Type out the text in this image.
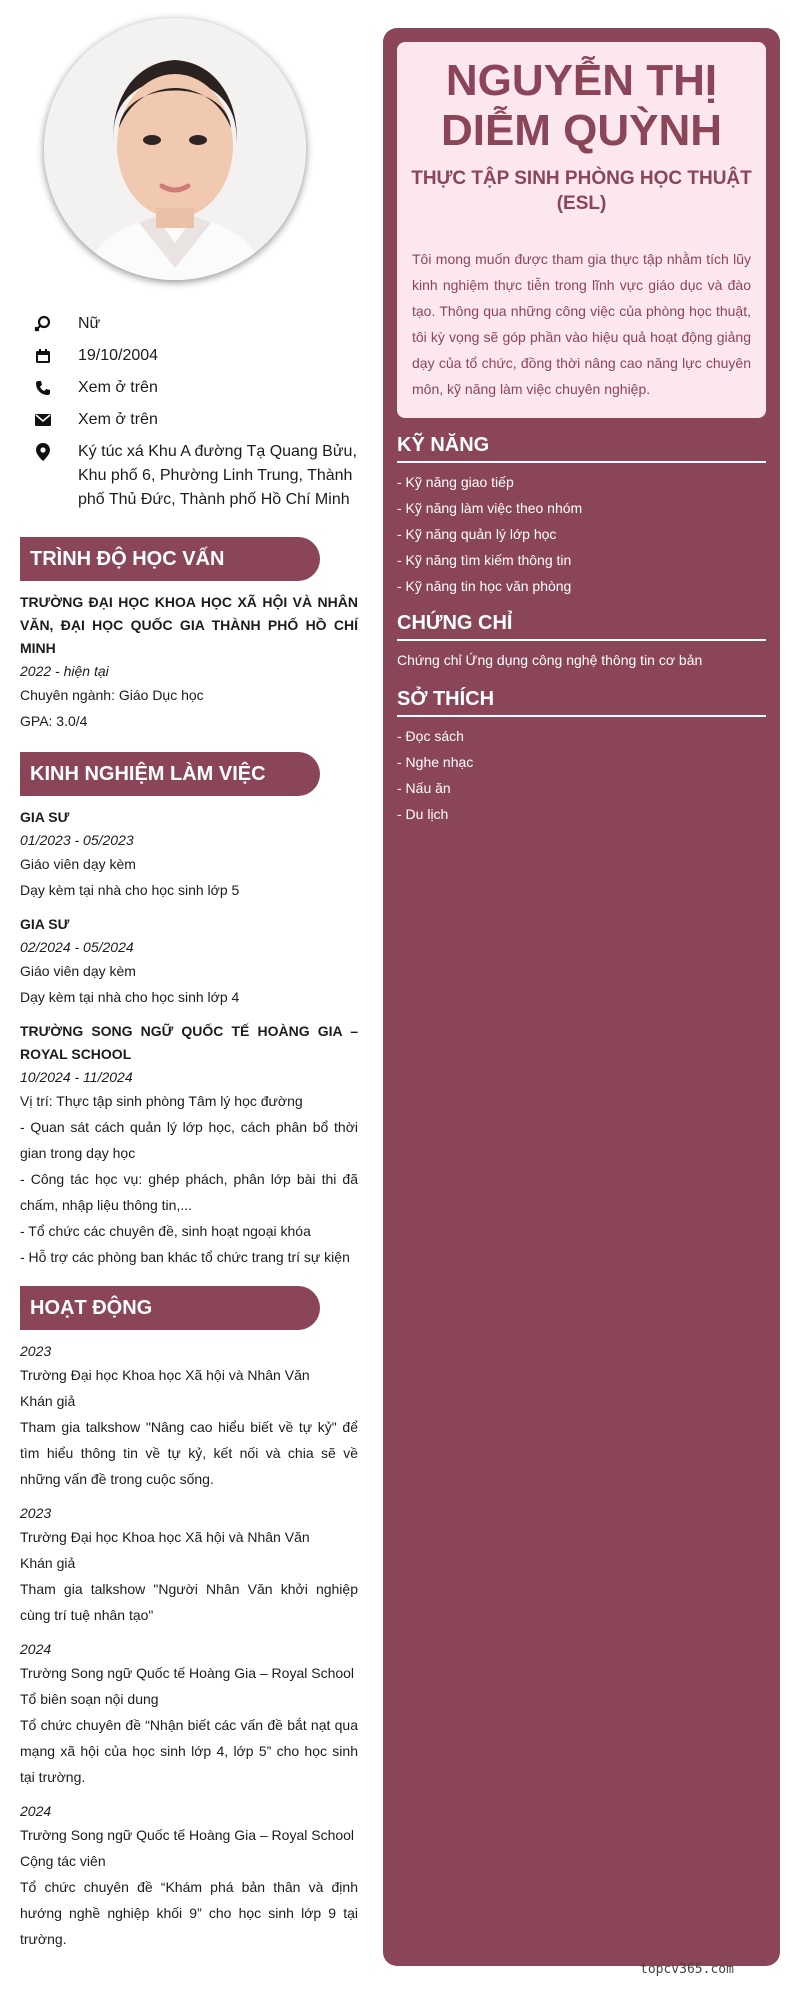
Nữ
19/10/2004
Xem ở trên
Xem ở trên
Ký túc xá Khu A đường Tạ Quang Bửu, Khu phố 6, Phường Linh Trung, Thành phố Thủ Đức, Thành phố Hồ Chí Minh
TRÌNH ĐỘ HỌC VẤN
TRƯỜNG ĐẠI HỌC KHOA HỌC XÃ HỘI VÀ NHÂN VĂN, ĐẠI HỌC QUỐC GIA THÀNH PHỐ HỒ CHÍ MINH
2022 - hiện tại
Chuyên ngành: Giáo Dục học
GPA: 3.0/4
KINH NGHIỆM LÀM VIỆC
GIA SƯ
01/2023 - 05/2023
Giáo viên dạy kèm
Dạy kèm tại nhà cho học sinh lớp 5
GIA SƯ
02/2024 - 05/2024
Giáo viên dạy kèm
Dạy kèm tại nhà cho học sinh lớp 4
TRƯỜNG SONG NGỮ QUỐC TẾ HOÀNG GIA – ROYAL SCHOOL
10/2024 - 11/2024
Vị trí: Thực tập sinh phòng Tâm lý học đường
- Quan sát cách quản lý lớp học, cách phân bổ thời gian trong dạy học
- Công tác học vụ: ghép phách, phân lớp bài thi đã chấm, nhập liệu thông tin,...
- Tổ chức các chuyên đề, sinh hoạt ngoại khóa
- Hỗ trợ các phòng ban khác tổ chức trang trí sự kiện
HOẠT ĐỘNG
2023
Trường Đại học Khoa học Xã hội và Nhân Văn
Khán giả
Tham gia talkshow "Nâng cao hiểu biết về tự kỷ" để tìm hiểu thông tin về tự kỷ, kết nối và chia sẽ về những vấn đề trong cuộc sống.
2023
Trường Đại học Khoa học Xã hội và Nhân Văn
Khán giả
Tham gia talkshow "Người Nhân Văn khởi nghiệp cùng trí tuệ nhân tạo"
2024
Trường Song ngữ Quốc tế Hoàng Gia – Royal School
Tổ biên soạn nội dung
Tổ chức chuyên đề “Nhận biết các vấn đề bắt nạt qua mạng xã hội của học sinh lớp 4, lớp 5” cho học sinh tại trường.
2024
Trường Song ngữ Quốc tế Hoàng Gia – Royal School
Cộng tác viên
Tổ chức chuyên đề “Khám phá bản thân và định hướng nghề nghiệp khối 9” cho học sinh lớp 9 tại trường.
NGUYỄN THỊ
DIỄM QUỲNH
THỰC TẬP SINH PHÒNG HỌC THUẬT (ESL)
Tôi mong muốn được tham gia thực tập nhằm tích lũy kinh nghiệm thực tiễn trong lĩnh vực giáo dục và đào tạo. Thông qua những công việc của phòng học thuật, tôi kỳ vọng sẽ góp phần vào hiệu quả hoạt động giảng dạy của tổ chức, đồng thời nâng cao năng lực chuyên môn, kỹ năng làm việc chuyên nghiệp.
KỸ NĂNG
- Kỹ năng giao tiếp
- Kỹ năng làm việc theo nhóm
- Kỹ năng quản lý lớp học
- Kỹ năng tìm kiếm thông tin
- Kỹ năng tin học văn phòng
CHỨNG CHỈ
Chứng chỉ Ứng dụng công nghệ thông tin cơ bản
SỞ THÍCH
- Đọc sách
- Nghe nhạc
- Nấu ăn
- Du lịch
topcv365.com
